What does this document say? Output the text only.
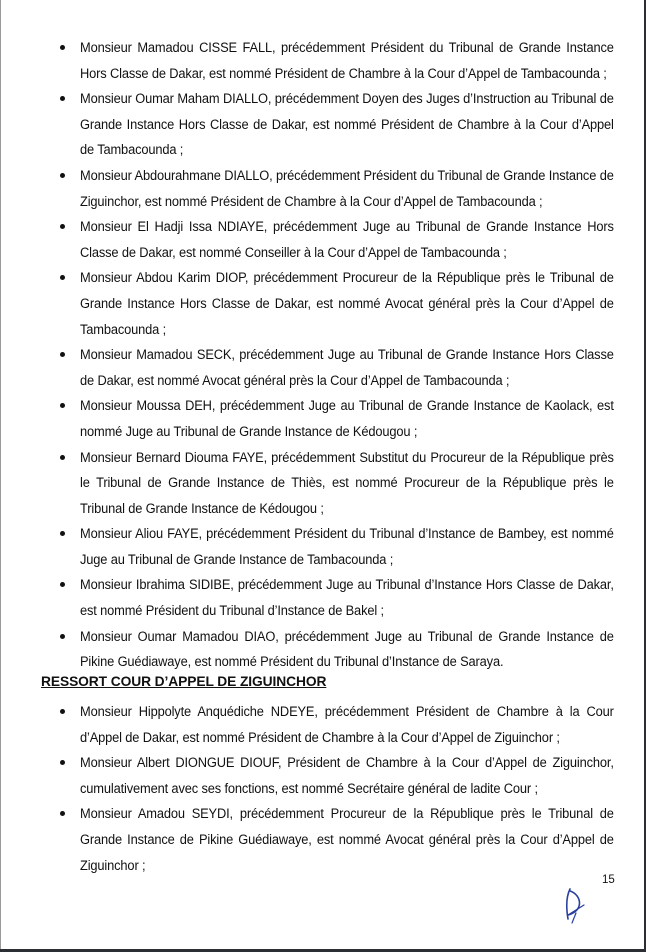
Monsieur Mamadou CISSE FALL, précédemment Président du Tribunal de Grande Instance Hors Classe de Dakar, est nommé Président de Chambre à la Cour d’Appel de Tambacounda ;
Monsieur Oumar Maham DIALLO, précédemment Doyen des Juges d’Instruction au Tribunal de Grande Instance Hors Classe de Dakar, est nommé Président de Chambre à la Cour d’Appel de Tambacounda ;
Monsieur Abdourahmane DIALLO, précédemment Président du Tribunal de Grande Instance de Ziguinchor, est nommé Président de Chambre à la Cour d’Appel de Tambacounda ;
Monsieur El Hadji Issa NDIAYE, précédemment Juge au Tribunal de Grande Instance Hors Classe de Dakar, est nommé Conseiller à la Cour d’Appel de Tambacounda ;
Monsieur Abdou Karim DIOP, précédemment Procureur de la République près le Tribunal de Grande Instance Hors Classe de Dakar, est nommé Avocat général près la Cour d’Appel de Tambacounda ;
Monsieur Mamadou SECK, précédemment Juge au Tribunal de Grande Instance Hors Classe de Dakar, est nommé Avocat général près la Cour d’Appel de Tambacounda ;
Monsieur Moussa DEH, précédemment Juge au Tribunal de Grande Instance de Kaolack, est nommé Juge au Tribunal de Grande Instance de Kédougou ;
Monsieur Bernard Diouma FAYE, précédemment Substitut du Procureur de la République près le Tribunal de Grande Instance de Thiès, est nommé Procureur de la République près le Tribunal de Grande Instance de Kédougou ;
Monsieur Aliou FAYE, précédemment Président du Tribunal d’Instance de Bambey, est nommé Juge au Tribunal de Grande Instance de Tambacounda ;
Monsieur Ibrahima SIDIBE, précédemment Juge au Tribunal d’Instance Hors Classe de Dakar, est nommé Président du Tribunal d’Instance de Bakel ;
Monsieur Oumar Mamadou DIAO, précédemment Juge au Tribunal de Grande Instance de Pikine Guédiawaye, est nommé Président du Tribunal d’Instance de Saraya.
RESSORT COUR D’APPEL DE ZIGUINCHOR
Monsieur Hippolyte Anquédiche NDEYE, précédemment Président de Chambre à la Cour d’Appel de Dakar, est nommé Président de Chambre à la Cour d’Appel de Ziguinchor ;
Monsieur Albert DIONGUE DIOUF, Président de Chambre à la Cour d’Appel de Ziguinchor, cumulativement avec ses fonctions, est nommé Secrétaire général de ladite Cour ;
Monsieur Amadou SEYDI, précédemment Procureur de la République près le Tribunal de Grande Instance de Pikine Guédiawaye, est nommé Avocat général près la Cour d’Appel de Ziguinchor ;
15
